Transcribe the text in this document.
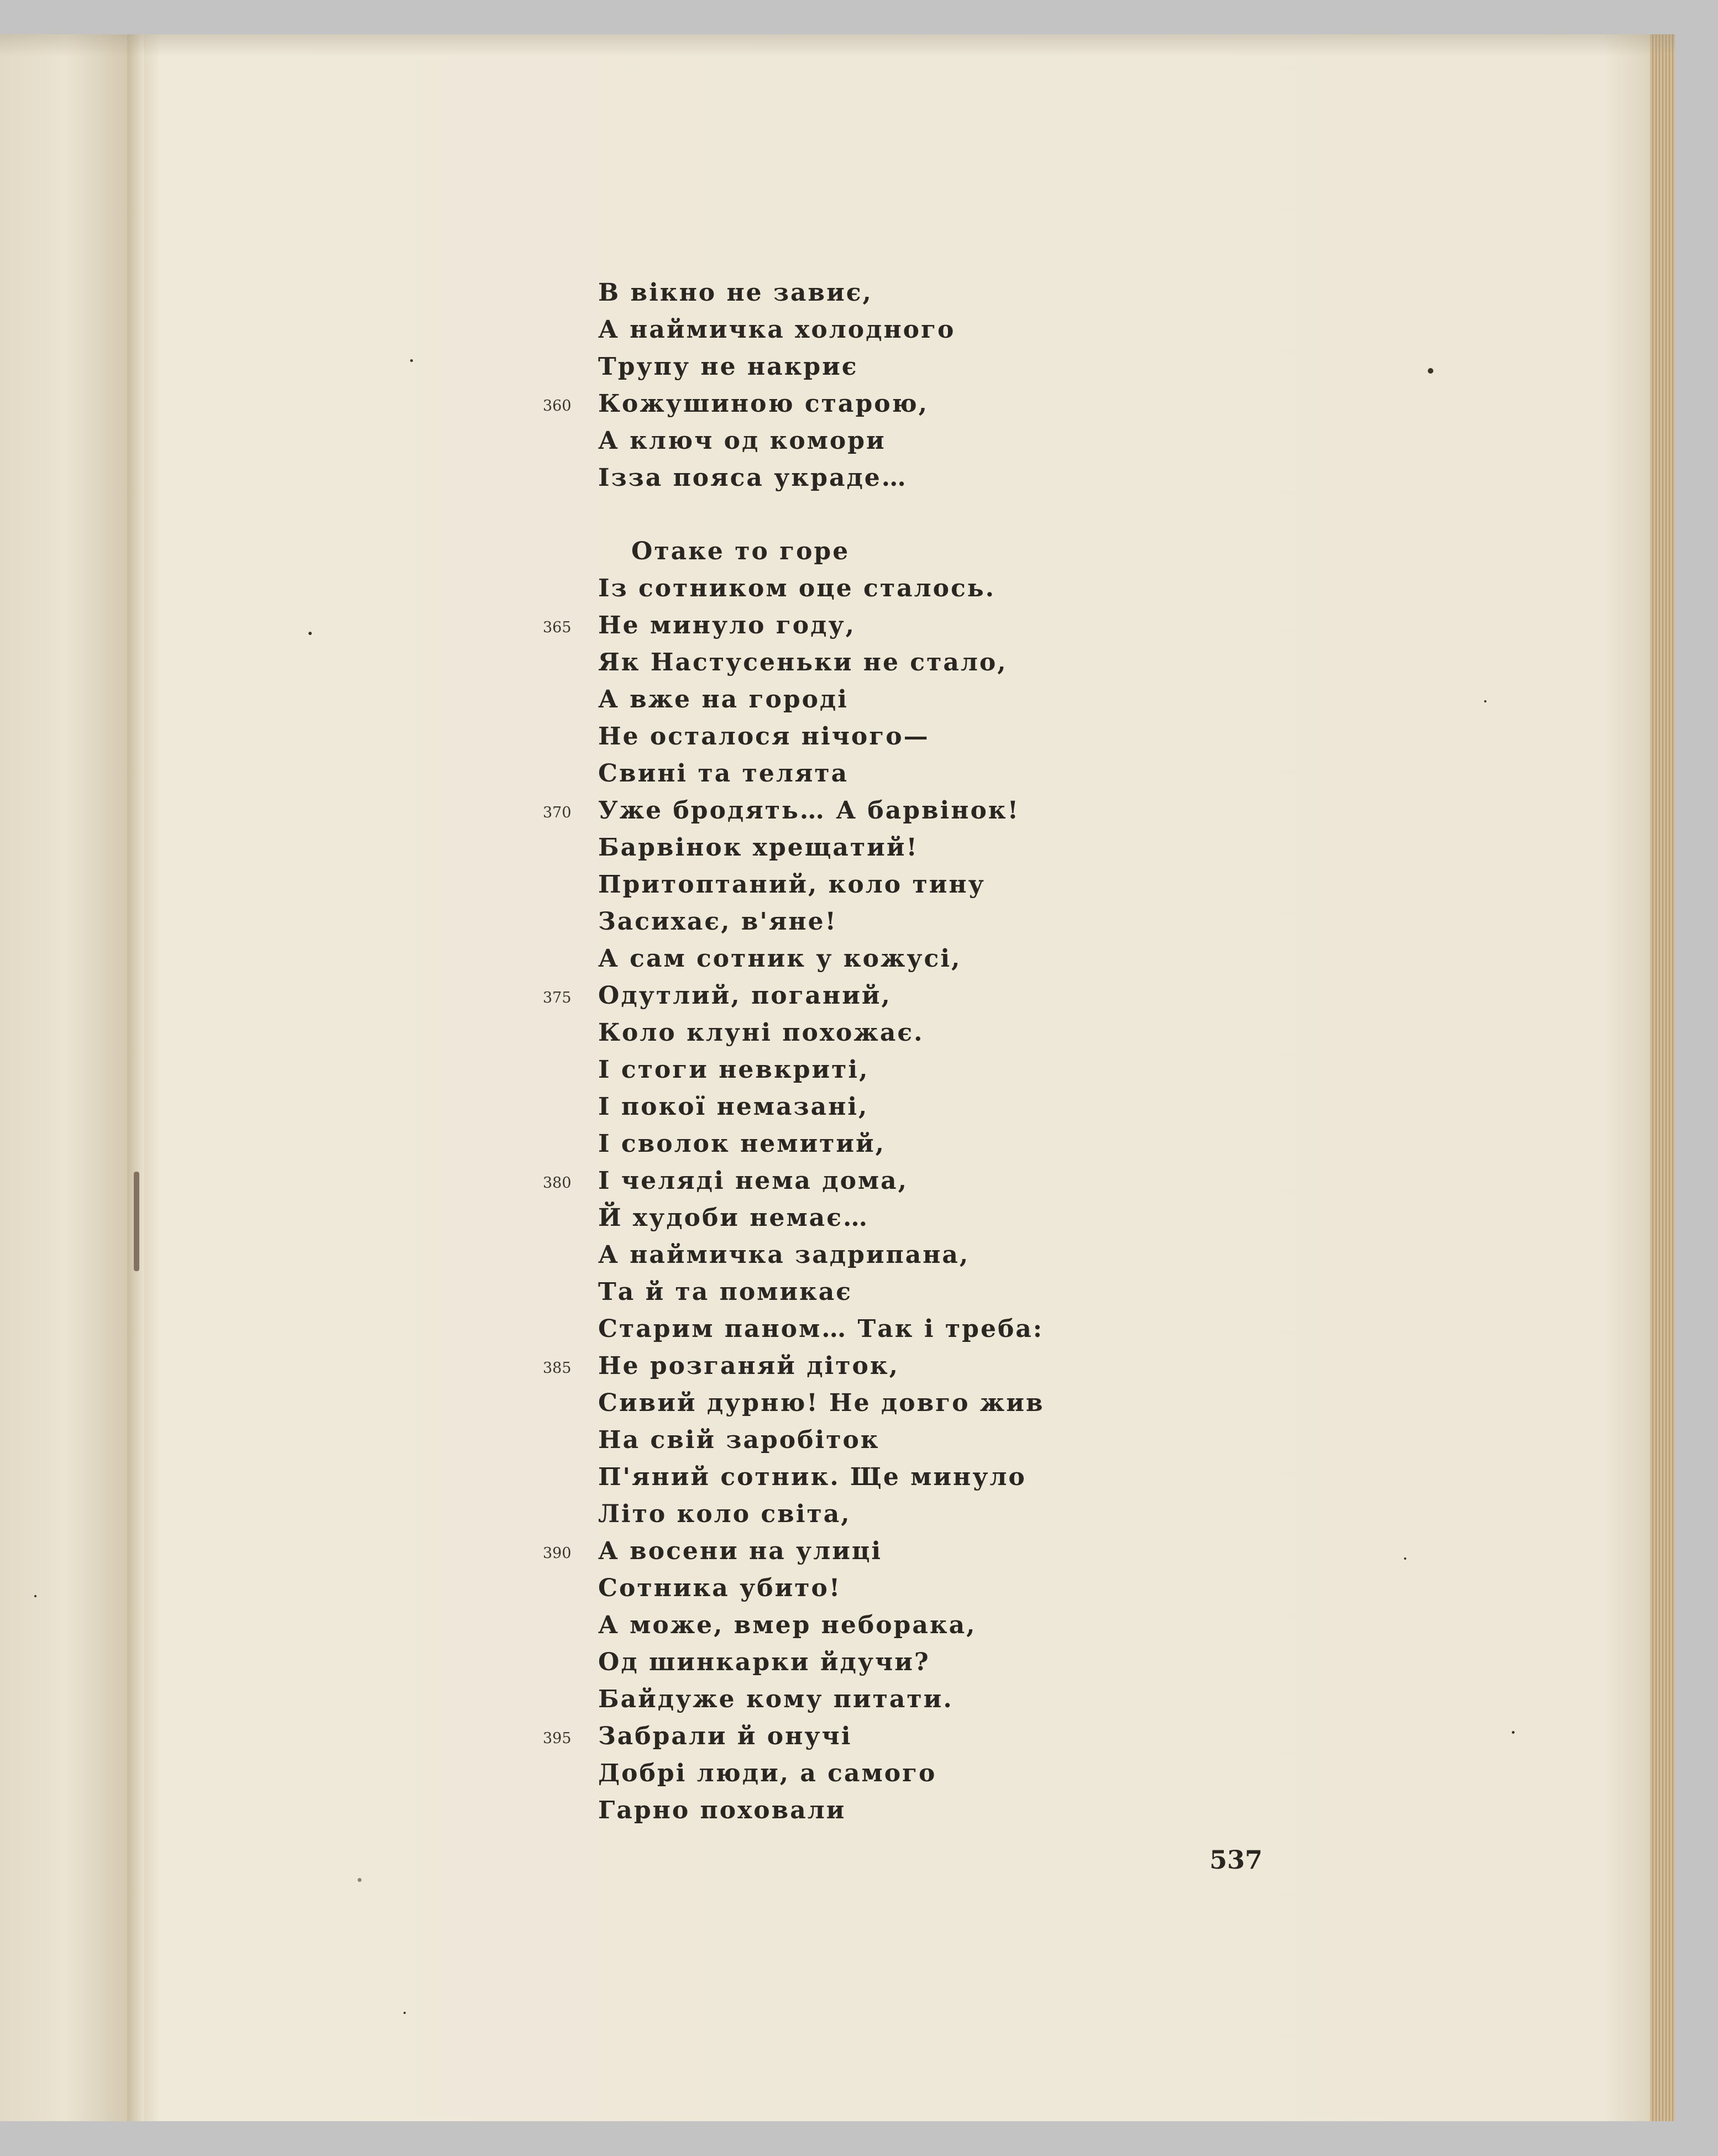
В вікно не завиє,
А наймичка холодного
Трупу не накриє
360	Кожушиною старою,
А ключ од комори
Ізза пояса украде…
Отаке то горе
Із сотником оце сталось.
365	Не минуло году,
Як Настусеньки не стало,
А вже на городі
Не осталося нічого—
Свині та телята
370	Уже бродять… А барвінок!
Барвінок хрещатий!
Притоптаний, коло тину
Засихає, в'яне!
А сам сотник у кожусі,
375	Одутлий, поганий,
Коло клуні похожає.
І стоги невкриті,
І покої немазані,
І сволок немитий,
380	І челяді нема дома,
Й худоби немає…
А наймичка задрипана,
Та й та помикає
Старим паном… Так і треба:
385	Не розганяй діток,
Сивий дурню! Не довго жив
На свій заробіток
П'яний сотник. Ще минуло
Літо коло світа,
390	А восени на улиці
Сотника убито!
А може, вмер неборака,
Од шинкарки йдучи?
Байдуже кому питати.
395	Забрали й онучі
Добрі люди, а самого
Гарно поховали
537
